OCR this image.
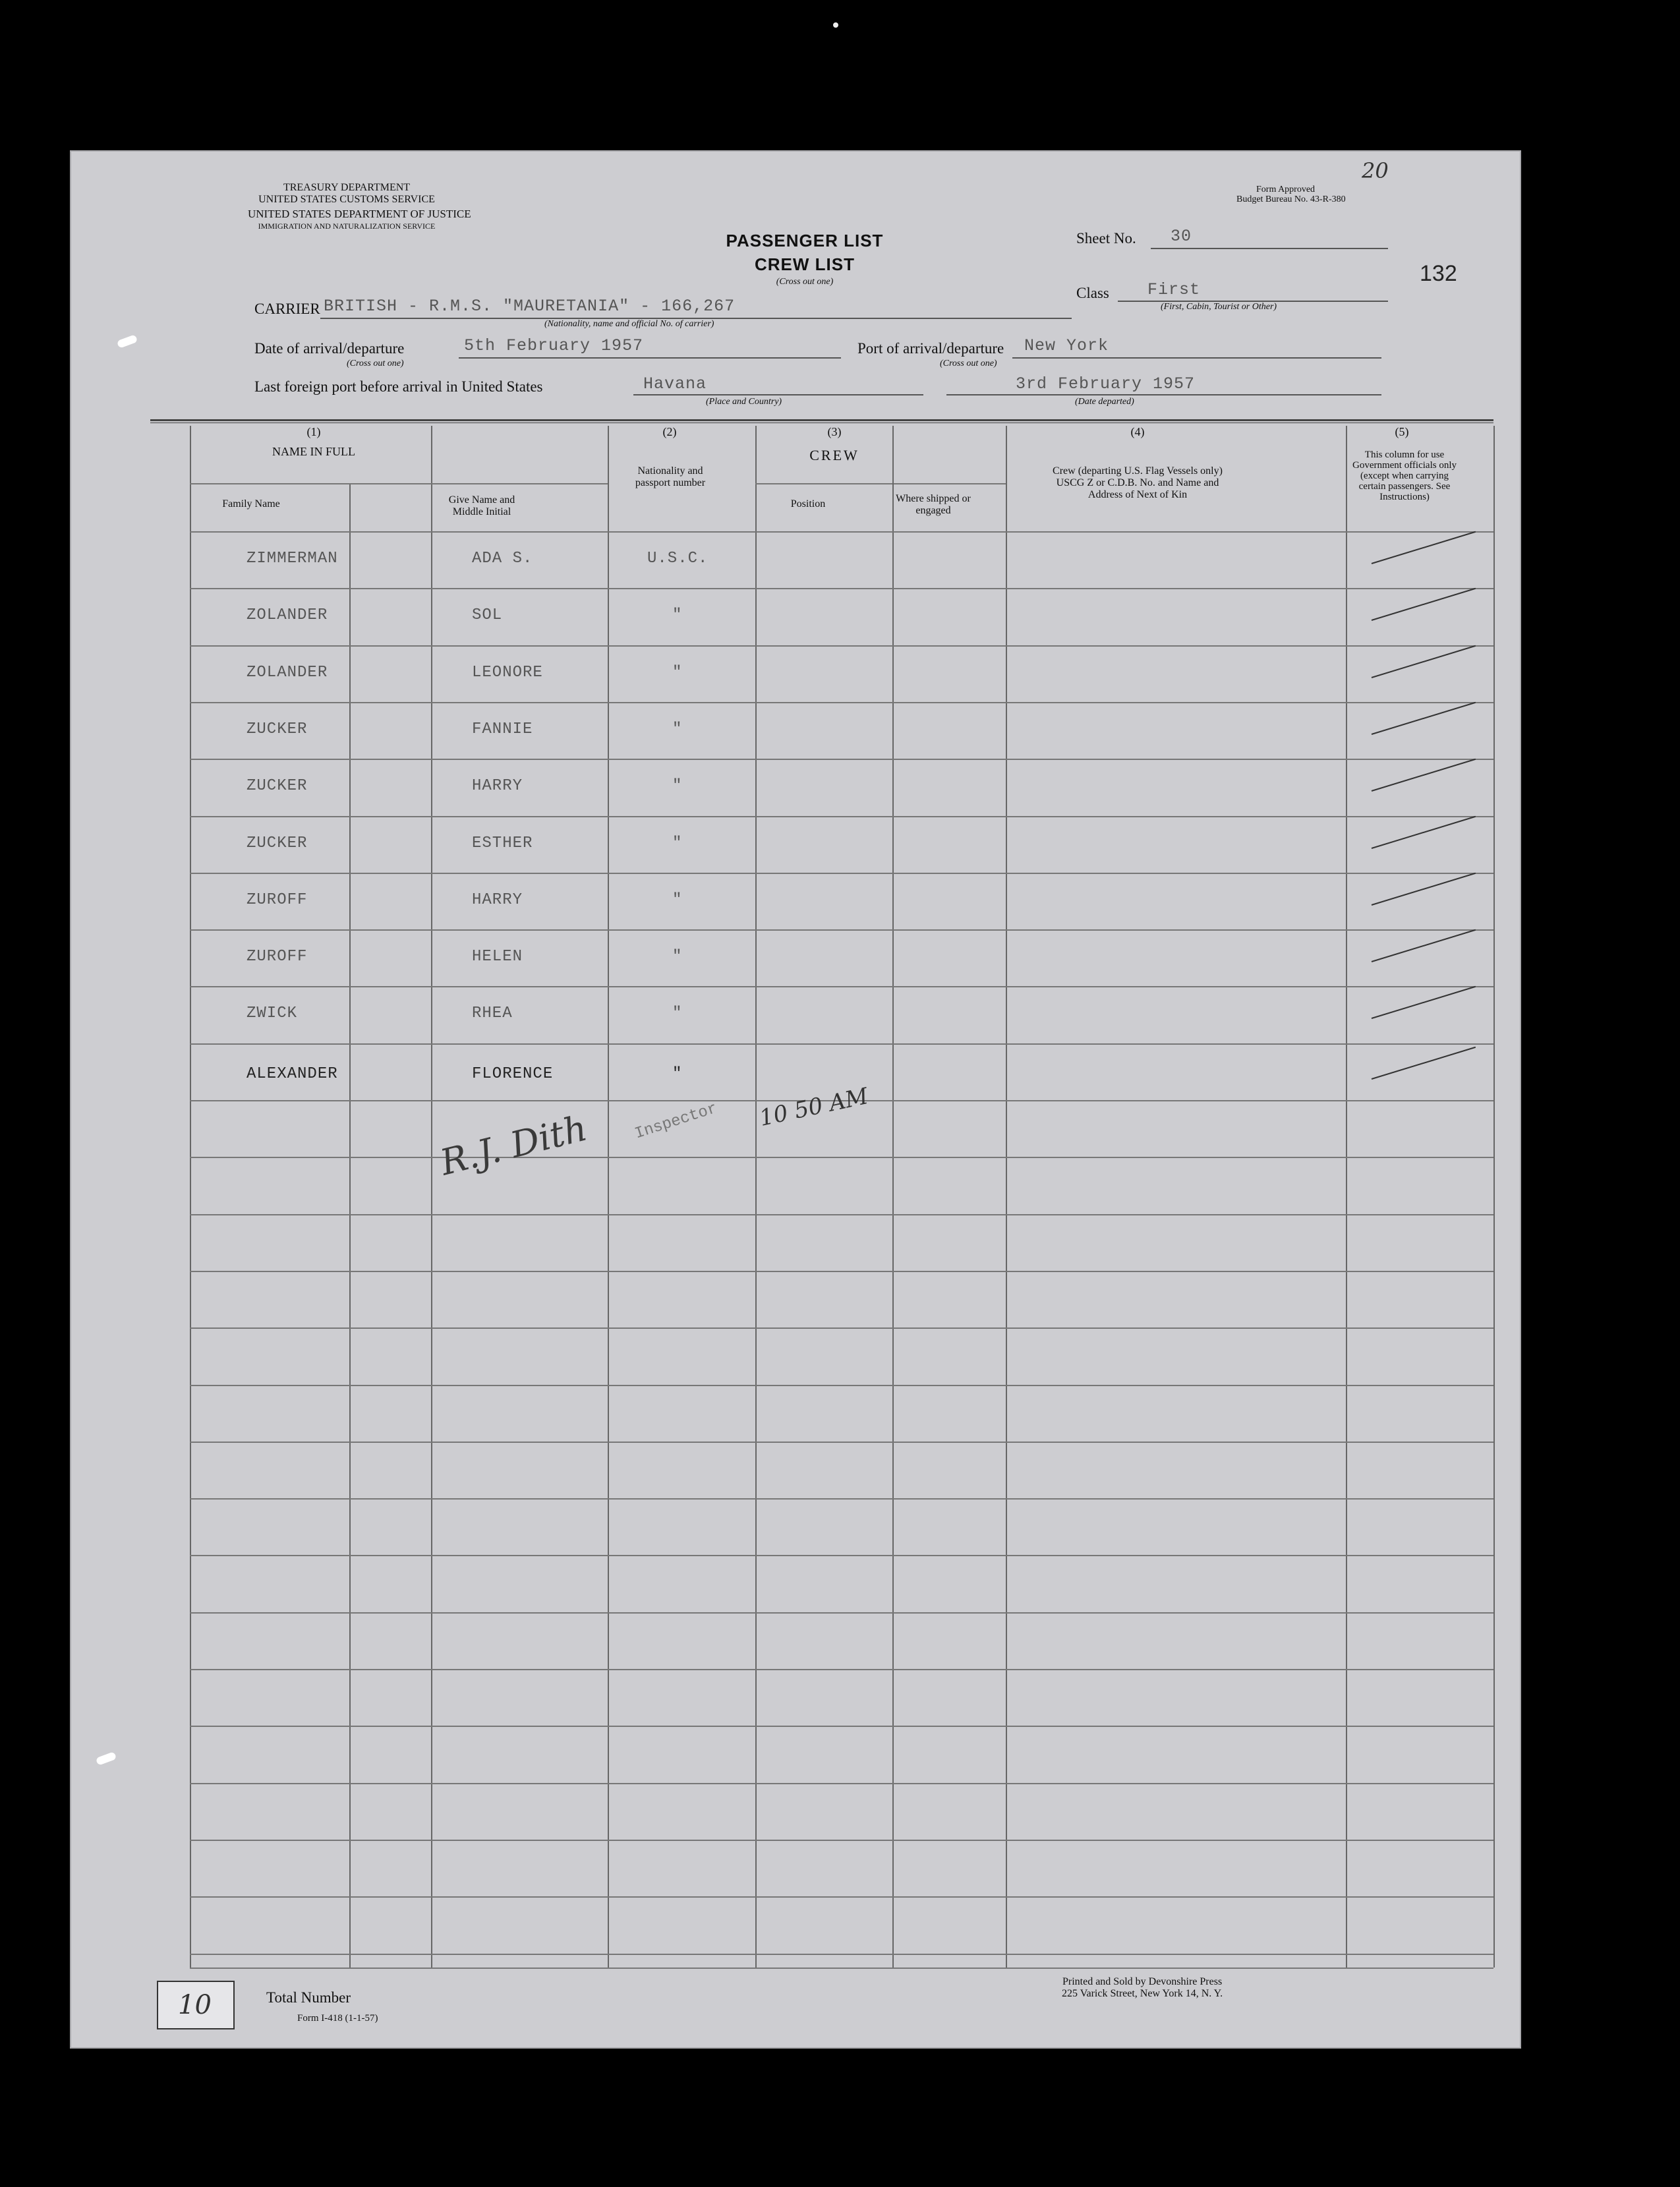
TREASURY DEPARTMENT
UNITED STATES CUSTOMS SERVICE
UNITED STATES DEPARTMENT OF JUSTICE
IMMIGRATION AND NATURALIZATION SERVICE
Form Approved
Budget Bureau No. 43-R-380
20
132
PASSENGER LIST
CREW LIST
(Cross out one)
Sheet No. 30
Class First
(First, Cabin, Tourist or Other)
CARRIER BRITISH - R.M.S. "MAURETANIA" - 166,267
(Nationality, name and official No. of carrier)
Date of arrival/departure
(Cross out one)
5th February 1957	Port of arrival/departure
(Cross out one)
New York
Last foreign port before arrival in United States	Havana
(Place and Country)
3rd February 1957
(Date departed)
(1)
NAME IN FULL
Family Name	Give Name and Middle Initial
(2)
Nationality and passport number
(3)
CREW
Position	Where shipped or engaged
(4)
Crew (departing U.S. Flag Vessels only) USCG Z or C.D.B. No. and Name and Address of Next of Kin
(5)
This column for use Government officials only (except when carrying certain passengers. See Instructions)
ZIMMERMAN	ADA S.	U.S.C.
ZOLANDER	SOL	"
ZOLANDER	LEONORE	"
ZUCKER	FANNIE	"
ZUCKER	HARRY	"
ZUCKER	ESTHER	"
ZUROFF	HARRY	"
ZUROFF	HELEN	"
ZWICK	RHEA	"
ALEXANDER	FLORENCE	"
R.J. Dith	Inspector 10 50 AM
10	Total Number
Form I-418 (1-1-57)
Printed and Sold by Devonshire Press
225 Varick Street, New York 14, N. Y.
